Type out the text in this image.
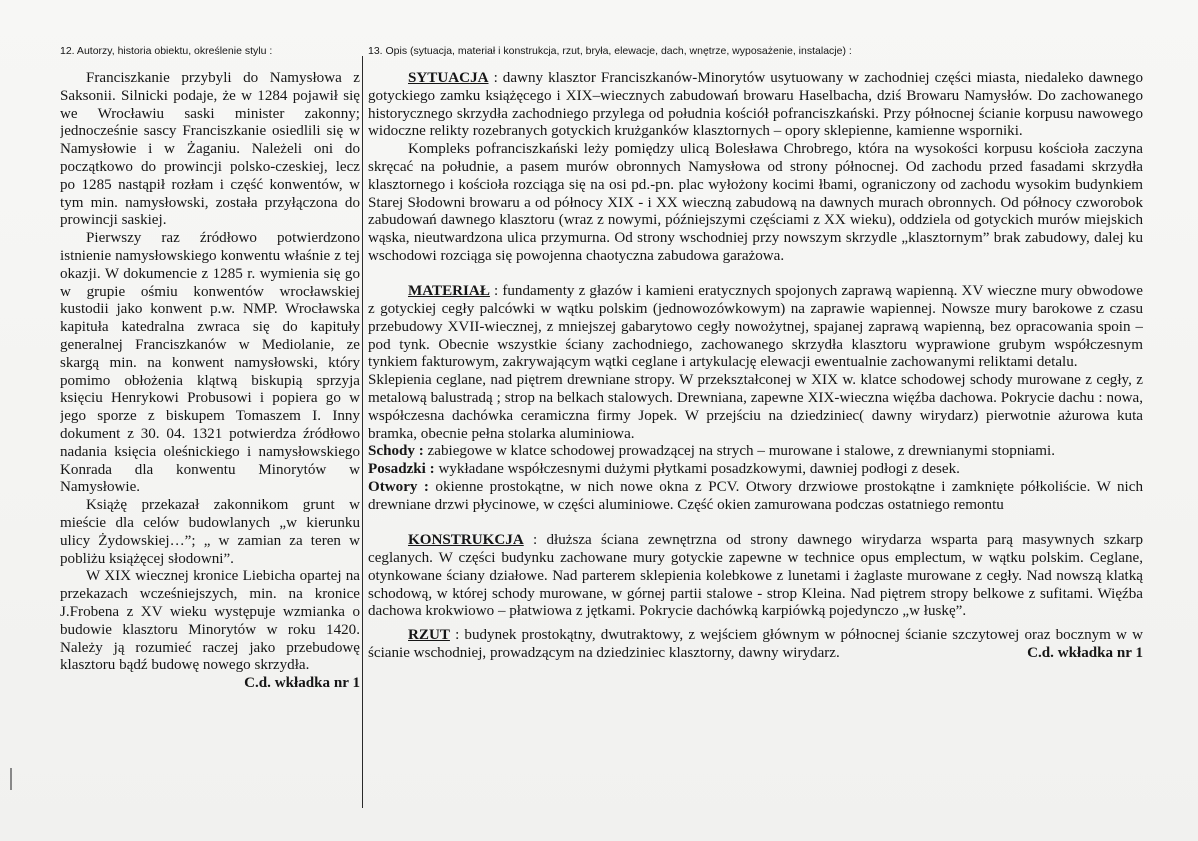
12. Autorzy, historia obiektu, określenie stylu :

Franciszkanie przybyli do Namysłowa z Saksonii. Silnicki podaje, że w 1284 pojawił się we Wrocławiu saski minister zakonny; jednocześnie sascy Franciszkanie osiedlili się w Namysłowie i w Żaganiu. Należeli oni do początkowo do prowincji polsko-czeskiej, lecz po 1285 nastąpił rozłam i część konwentów, w tym min. namysłowski, została przyłączona do prowincji saskiej.

Pierwszy raz źródłowo potwierdzono istnienie namysłowskiego konwentu właśnie z tej okazji. W dokumencie z 1285 r. wymienia się go w grupie ośmiu konwentów wrocławskiej kustodii jako konwent p.w. NMP. Wrocławska kapituła katedralna zwraca się do kapituły generalnej Franciszkanów w Mediolanie, ze skargą min. na konwent namysłowski, który pomimo obłożenia klątwą biskupią sprzyja księciu Henrykowi Probusowi i popiera go w jego sporze z biskupem Tomaszem I. Inny dokument z 30. 04. 1321 potwierdza źródłowo nadania księcia oleśnickiego i namysłowskiego Konrada dla konwentu Minorytów w Namysłowie.

Książę przekazał zakonnikom grunt w mieście dla celów budowlanych „w kierunku ulicy Żydowskiej…”; „ w zamian za teren w pobliżu książęcej słodowni”.

W XIX wiecznej kronice Liebicha opartej na przekazach wcześniejszych, min. na kronice J.Frobena z XV wieku występuje wzmianka o budowie klasztoru Minorytów w roku 1420. Należy ją rozumieć raczej jako przebudowę klasztoru bądź budowę nowego skrzydła.
C.d. wkładka nr 1

13. Opis (sytuacja, materiał i konstrukcja, rzut, bryła, elewacje, dach, wnętrze, wyposażenie, instalacje) :

SYTUACJA : dawny klasztor Franciszkanów-Minorytów usytuowany w zachodniej części miasta, niedaleko dawnego gotyckiego zamku książęcego i XIX–wiecznych zabudowań browaru Haselbacha, dziś Browaru Namysłów. Do zachowanego historycznego skrzydła zachodniego przylega od południa kościół pofranciszkański. Przy północnej ścianie korpusu nawowego widoczne relikty rozebranych gotyckich krużganków klasztornych – opory sklepienne, kamienne wsporniki.

Kompleks pofranciszkański leży pomiędzy ulicą Bolesława Chrobrego, która na wysokości korpusu kościoła zaczyna skręcać na południe, a pasem murów obronnych Namysłowa od strony północnej. Od zachodu przed fasadami skrzydła klasztornego i kościoła rozciąga się na osi pd.-pn. plac wyłożony kocimi łbami, ograniczony od zachodu wysokim budynkiem Starej Słodowni browaru a od północy XIX - i XX wieczną zabudową na dawnych murach obronnych. Od północy czworobok zabudowań dawnego klasztoru (wraz z nowymi, późniejszymi częściami z XX wieku), oddziela od gotyckich murów miejskich wąska, nieutwardzona ulica przymurna. Od strony wschodniej przy nowszym skrzydle „klasztornym” brak zabudowy, dalej ku wschodowi rozciąga się powojenna chaotyczna zabudowa garażowa.

MATERIAŁ : fundamenty z głazów i kamieni eratycznych spojonych zaprawą wapienną. XV wieczne mury obwodowe z gotyckiej cegły palcówki w wątku polskim (jednowozówkowym) na zaprawie wapiennej. Nowsze mury barokowe z czasu przebudowy XVII-wiecznej, z mniejszej gabarytowo cegły nowożytnej, spajanej zaprawą wapienną, bez opracowania spoin – pod tynk. Obecnie wszystkie ściany zachodniego, zachowanego skrzydła klasztoru wyprawione grubym współczesnym tynkiem fakturowym, zakrywającym wątki ceglane i artykulację elewacji ewentualnie zachowanymi reliktami detalu.

Sklepienia ceglane, nad piętrem drewniane stropy. W przekształconej w XIX w. klatce schodowej schody murowane z cegły, z metalową balustradą ; strop na belkach stalowych. Drewniana, zapewne XIX-wieczna więźba dachowa. Pokrycie dachu : nowa, współczesna dachówka ceramiczna firmy Jopek. W przejściu na dziedziniec( dawny wirydarz) pierwotnie ażurowa kuta bramka, obecnie pełna stolarka aluminiowa.

Schody : zabiegowe w klatce schodowej prowadzącej na strych – murowane i stalowe, z drewnianymi stopniami.

Posadzki : wykładane współczesnymi dużymi płytkami posadzkowymi, dawniej podłogi z desek.

Otwory : okienne prostokątne, w nich nowe okna z PCV. Otwory drzwiowe prostokątne i zamknięte półkoliście. W nich drewniane drzwi płycinowe, w części aluminiowe. Część okien zamurowana podczas ostatniego remontu

KONSTRUKCJA : dłuższa ściana zewnętrzna od strony dawnego wirydarza wsparta parą masywnych szkarp ceglanych. W części budynku zachowane mury gotyckie zapewne w technice opus emplectum, w wątku polskim. Ceglane, otynkowane ściany działowe. Nad parterem sklepienia kolebkowe z lunetami i żaglaste murowane z cegły. Nad nowszą klatką schodową, w której schody murowane, w górnej partii stalowe - strop Kleina. Nad piętrem stropy belkowe z sufitami. Więźba dachowa krokwiowo – płatwiowa z jętkami. Pokrycie dachówką karpiówką pojedynczo „w łuskę”.

RZUT : budynek prostokątny, dwutraktowy, z wejściem głównym w północnej ścianie szczytowej oraz bocznym w w ścianie wschodniej, prowadzącym na dziedziniec klasztorny, dawny wirydarz.	C.d. wkładka nr 1
